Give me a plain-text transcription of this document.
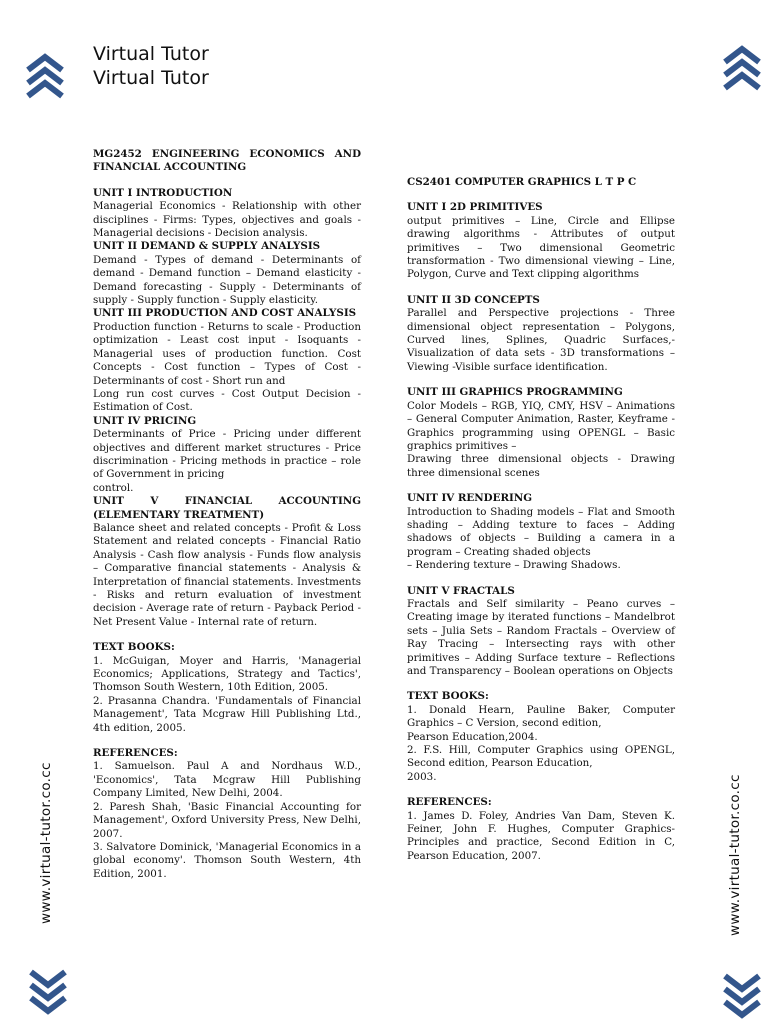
Virtual Tutor
Virtual Tutor
www.virtual-tutor.co.cc	www.virtual-tutor.co.cc

MG2452 ENGINEERING ECONOMICS AND FINANCIAL ACCOUNTING

UNIT I INTRODUCTION

Managerial Economics - Relationship with other disciplines - Firms: Types, objectives and goals - Managerial decisions - Decision analysis.

UNIT II DEMAND & SUPPLY ANALYSIS

Demand - Types of demand - Determinants of demand - Demand function – Demand elasticity - Demand forecasting - Supply - Determinants of supply - Supply function - Supply elasticity.

UNIT III PRODUCTION AND COST ANALYSIS

Production function - Returns to scale - Production optimization - Least cost input - Isoquants - Managerial uses of production function. Cost Concepts - Cost function – Types of Cost - Determinants of cost - Short run and

Long run cost curves - Cost Output Decision - Estimation of Cost.

UNIT IV PRICING

Determinants of Price - Pricing under different objectives and different market structures - Price discrimination - Pricing methods in practice – role of Government in pricing

control.

UNIT V FINANCIAL ACCOUNTING (ELEMENTARY TREATMENT)

Balance sheet and related concepts - Profit & Loss Statement and related concepts - Financial Ratio Analysis - Cash flow analysis - Funds flow analysis – Comparative financial statements - Analysis & Interpretation of financial statements. Investments - Risks and return evaluation of investment decision - Average rate of return - Payback Period - Net Present Value - Internal rate of return.

TEXT BOOKS:

1. McGuigan, Moyer and Harris, 'Managerial Economics; Applications, Strategy and Tactics', Thomson South Western, 10th Edition, 2005.

2. Prasanna Chandra. 'Fundamentals of Financial Management', Tata Mcgraw Hill Publishing Ltd., 4th edition, 2005.

REFERENCES:

1. Samuelson. Paul A and Nordhaus W.D., 'Economics', Tata Mcgraw Hill Publishing Company Limited, New Delhi, 2004.

2. Paresh Shah, 'Basic Financial Accounting for Management', Oxford University Press, New Delhi, 2007.

3. Salvatore Dominick, 'Managerial Economics in a global economy'. Thomson South Western, 4th Edition, 2001.

CS2401 COMPUTER GRAPHICS L T P C

UNIT I 2D PRIMITIVES

output primitives – Line, Circle and Ellipse drawing algorithms - Attributes of output primitives – Two dimensional Geometric transformation - Two dimensional viewing – Line, Polygon, Curve and Text clipping algorithms

UNIT II 3D CONCEPTS

Parallel and Perspective projections - Three dimensional object representation – Polygons, Curved lines, Splines, Quadric Surfaces,- Visualization of data sets - 3D transformations – Viewing -Visible surface identification.

UNIT III GRAPHICS PROGRAMMING

Color Models – RGB, YIQ, CMY, HSV – Animations – General Computer Animation, Raster, Keyframe - Graphics programming using OPENGL – Basic graphics primitives –

Drawing three dimensional objects - Drawing three dimensional scenes

UNIT IV RENDERING

Introduction to Shading models – Flat and Smooth shading – Adding texture to faces – Adding shadows of objects – Building a camera in a program – Creating shaded objects

– Rendering texture – Drawing Shadows.

UNIT V FRACTALS

Fractals and Self similarity – Peano curves – Creating image by iterated functions – Mandelbrot sets – Julia Sets – Random Fractals – Overview of Ray Tracing – Intersecting rays with other primitives – Adding Surface texture – Reflections and Transparency – Boolean operations on Objects

TEXT BOOKS:

1. Donald Hearn, Pauline Baker, Computer Graphics – C Version, second edition,

Pearson Education,2004.

2. F.S. Hill, Computer Graphics using OPENGL, Second edition, Pearson Education,

2003.

REFERENCES:

1. James D. Foley, Andries Van Dam, Steven K. Feiner, John F. Hughes, Computer Graphics- Principles and practice, Second Edition in C, Pearson Education, 2007.
